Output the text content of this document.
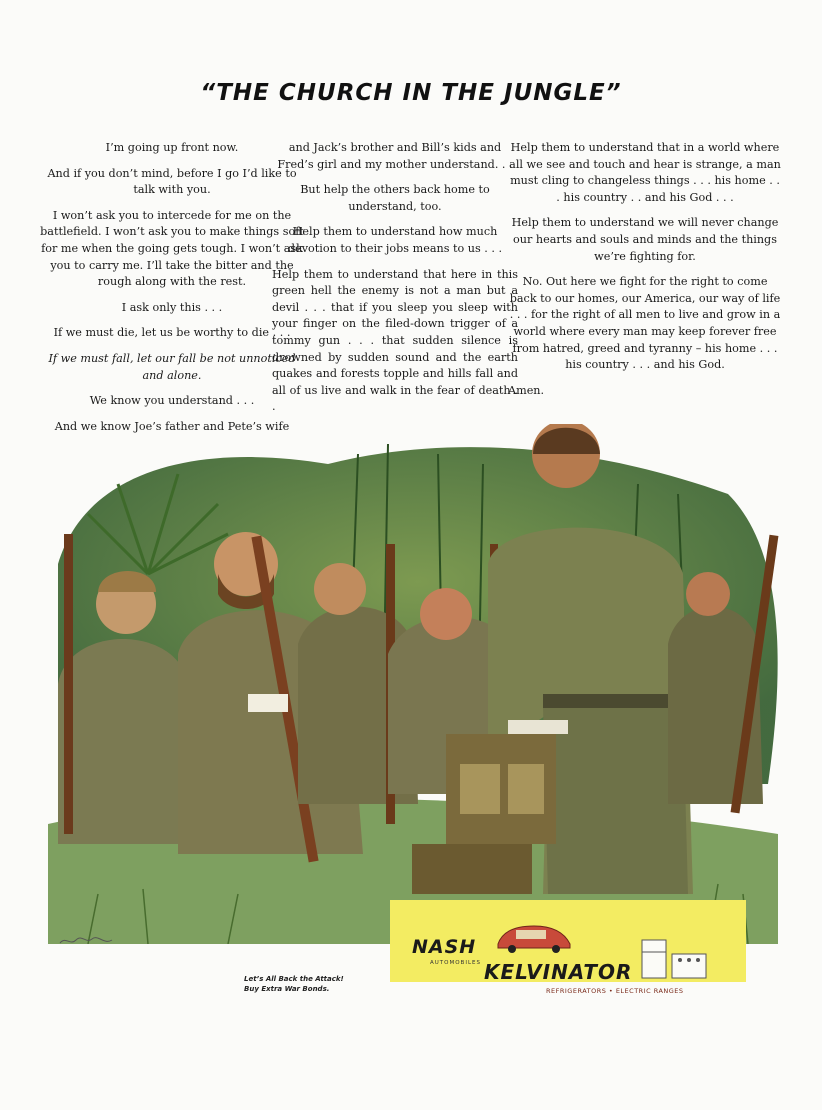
“THE CHURCH IN THE JUNGLE”

I’m going up front now.

And if you don’t mind, before I go I’d like to talk with you.

I won’t ask you to intercede for me on the battlefield. I won’t ask you to make things soft for me when the going gets tough. I won’t ask you to carry me. I’ll take the bitter and the rough along with the rest.

I ask only this . . .

If we must die, let us be worthy to die . . .

If we must fall, let our fall be not unnoticed and alone.

We know you understand . . .

And we know Joe’s father and Pete’s wife

and Jack’s brother and Bill’s kids and Fred’s girl and my mother understand. . .

But help the others back home to understand, too.

Help them to understand how much devotion to their jobs means to us . . .

Help them to understand that here in this green hell the enemy is not a man but a devil . . . that if you sleep you sleep with your finger on the filed-down trigger of a tommy gun . . . that sudden silence is drowned by sudden sound and the earth quakes and forests topple and hills fall and all of us live and walk in the fear of death . .

Help them to understand that in a world where all we see and touch and hear is strange, a man must cling to changeless things . . . his home . . . his country . . and his God . . .

Help them to understand we will never change our hearts and souls and minds and the things we’re fighting for.

No. Out here we fight for the right to come back to our homes, our America, our way of life . . . for the right of all men to live and grow in a world where every man may keep forever free from hatred, greed and tyranny – his home . . . his country . . . and his God.

Amen.

Let’s All Back the Attack!
Buy Extra War Bonds.
NASH
AUTOMOBILES KELVINATOR
REFRIGERATORS • ELECTRIC RANGES
